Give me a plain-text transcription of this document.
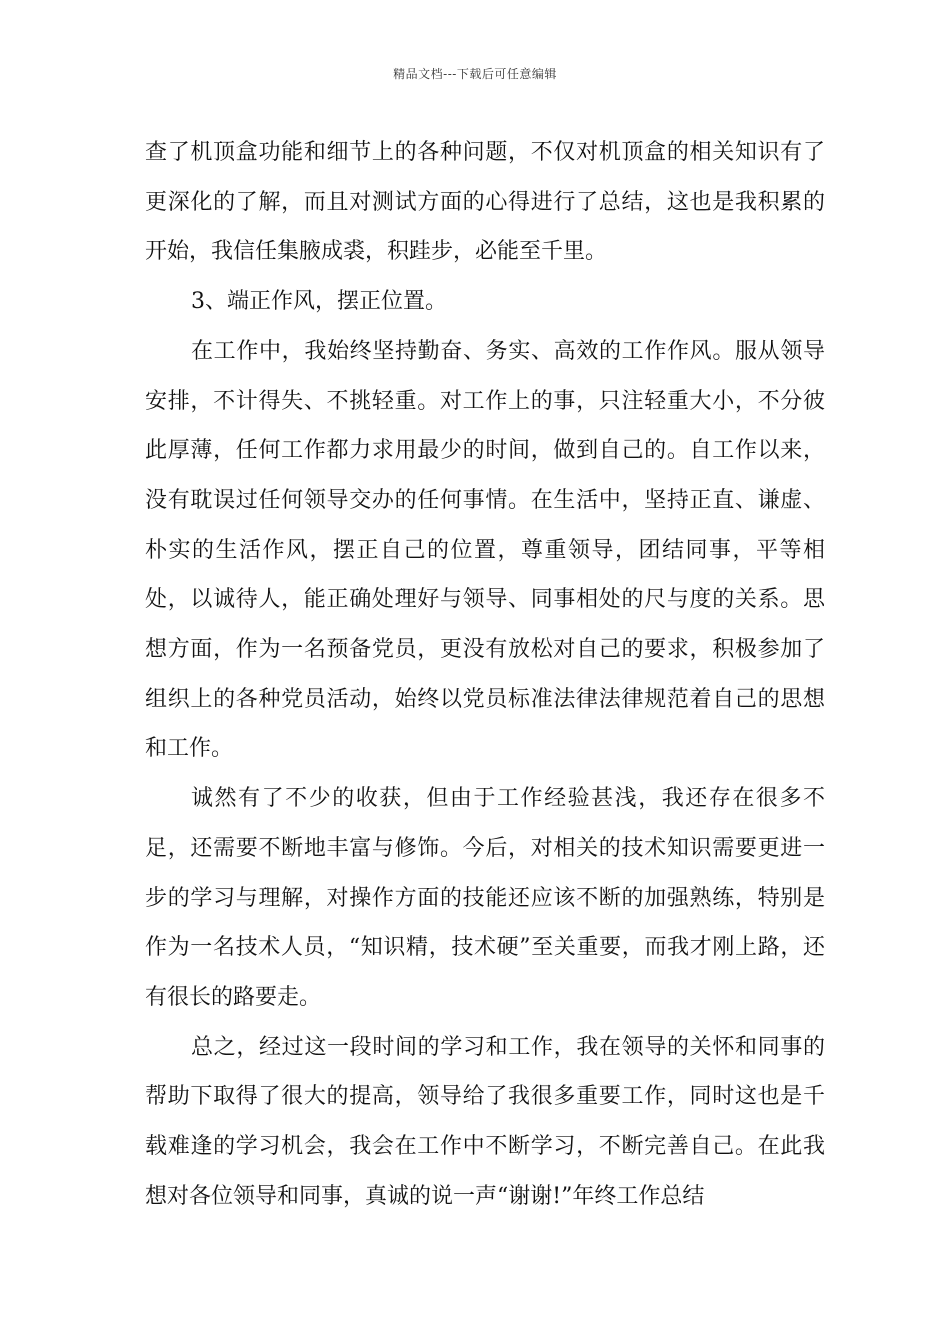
精品文档---下载后可任意编辑

查了机顶盒功能和细节上的各种问题，不仅对机顶盒的相关知识有了更深化的了解，而且对测试方面的心得进行了总结，这也是我积累的开始，我信任集腋成裘，积跬步，必能至千里。

3、端正作风，摆正位置。

在工作中，我始终坚持勤奋、务实、高效的工作作风。服从领导安排，不计得失、不挑轻重。对工作上的事，只注轻重大小，不分彼此厚薄，任何工作都力求用最少的时间，做到自己的。自工作以来，没有耽误过任何领导交办的任何事情。在生活中，坚持正直、谦虚、朴实的生活作风，摆正自己的位置，尊重领导，团结同事，平等相处，以诚待人，能正确处理好与领导、同事相处的尺与度的关系。思想方面，作为一名预备党员，更没有放松对自己的要求，积极参加了组织上的各种党员活动，始终以党员标准法律法律规范着自己的思想和工作。

诚然有了不少的收获，但由于工作经验甚浅，我还存在很多不足，还需要不断地丰富与修饰。今后，对相关的技术知识需要更进一步的学习与理解，对操作方面的技能还应该不断的加强熟练，特别是作为一名技术人员，“知识精，技术硬”至关重要，而我才刚上路，还有很长的路要走。

总之，经过这一段时间的学习和工作，我在领导的关怀和同事的帮助下取得了很大的提高，领导给了我很多重要工作，同时这也是千载难逢的学习机会，我会在工作中不断学习，不断完善自己。在此我想对各位领导和同事，真诚的说一声“谢谢!”年终工作总结
